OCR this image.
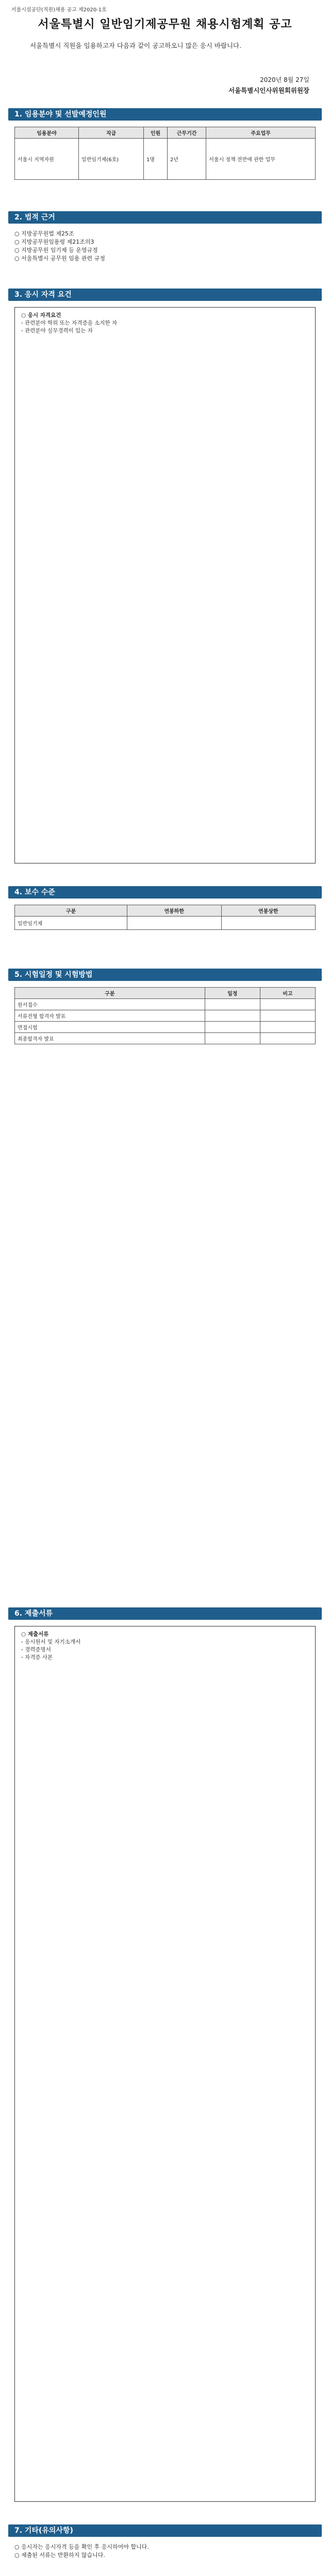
서울시설공단(직원)채용 공고 제2020-1호
서울특별시 일반임기제공무원 채용시험계획 공고
서울특별시 직원을 임용하고자 다음과 같이 공고하오니 많은 응시 바랍니다.
2020년 8월 27일
서울특별시인사위원회위원장
1. 임용분야 및 선발예정인원
임용분야	직급	인원	근무기간	주요업무
서울시 지역자원	일반임기제(6호)	1명	2년	서울시 정책 전반에 관한 업무
2. 법적 근거
○ 지방공무원법 제25조
○ 지방공무원임용령 제21조의3
○ 지방공무원 임기제 등 운영규정
○ 서울특별시 공무원 임용 관련 규정
3. 응시 자격 요건
○ 응시 자격요건
- 관련분야 학위 또는 자격증을 소지한 자
- 관련분야 실무경력이 있는 자
4. 보수 수준
구분	연봉하한	연봉상한
일반임기제		
5. 시험일정 및 시험방법
구분	일정	비고
원서접수		
서류전형 합격자 발표		
면접시험		
최종합격자 발표		
6. 제출서류
○ 제출서류
- 응시원서 및 자기소개서
- 경력증명서
- 자격증 사본
7. 기타(유의사항)
○ 응시자는 응시자격 등을 확인 후 응시하여야 합니다.
○ 제출된 서류는 반환하지 않습니다.
